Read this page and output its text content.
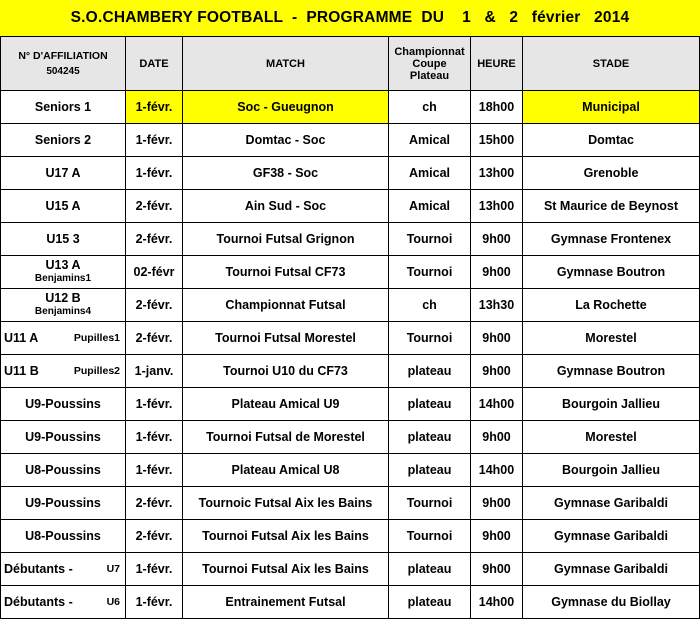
S.O.CHAMBERY FOOTBALL  -  PROGRAMME  DU    1   &   2   février   2014
N° D'AFFILIATION
504245	DATE	MATCH	Championnat Coupe Plateau	HEURE	STADE

Seniors 1	1-févr.	Soc - Gueugnon	ch	18h00	Municipal

Seniors 2	1-févr.	Domtac - Soc	Amical	15h00	Domtac

U17 A	1-févr.	GF38 - Soc	Amical	13h00	Grenoble

U15 A	2-févr.	Ain Sud - Soc	Amical	13h00	St Maurice de Beynost

U15 3	2-févr.	Tournoi Futsal Grignon	Tournoi	9h00	Gymnase Frontenex

U13 A
Benjamins1	02-févr	Tournoi Futsal CF73	Tournoi	9h00	Gymnase Boutron

U12 B
Benjamins4	2-févr.	Championnat Futsal	ch	13h30	La Rochette

U11 A Pupilles1	2-févr.	Tournoi Futsal Morestel	Tournoi	9h00	Morestel

U11 B Pupilles2	1-janv.	Tournoi U10 du CF73	plateau	9h00	Gymnase Boutron

U9-Poussins	1-févr.	Plateau Amical U9	plateau	14h00	Bourgoin Jallieu

U9-Poussins	1-févr.	Tournoi Futsal de Morestel	plateau	9h00	Morestel

U8-Poussins	1-févr.	Plateau Amical U8	plateau	14h00	Bourgoin Jallieu

U9-Poussins	2-févr.	Tournoic Futsal Aix les Bains	Tournoi	9h00	Gymnase Garibaldi

U8-Poussins	2-févr.	Tournoi Futsal Aix les Bains	Tournoi	9h00	Gymnase Garibaldi

Débutants - U7	1-févr.	Tournoi Futsal Aix les Bains	plateau	9h00	Gymnase Garibaldi

Débutants - U6	1-févr.	Entrainement Futsal	plateau	14h00	Gymnase du Biollay
